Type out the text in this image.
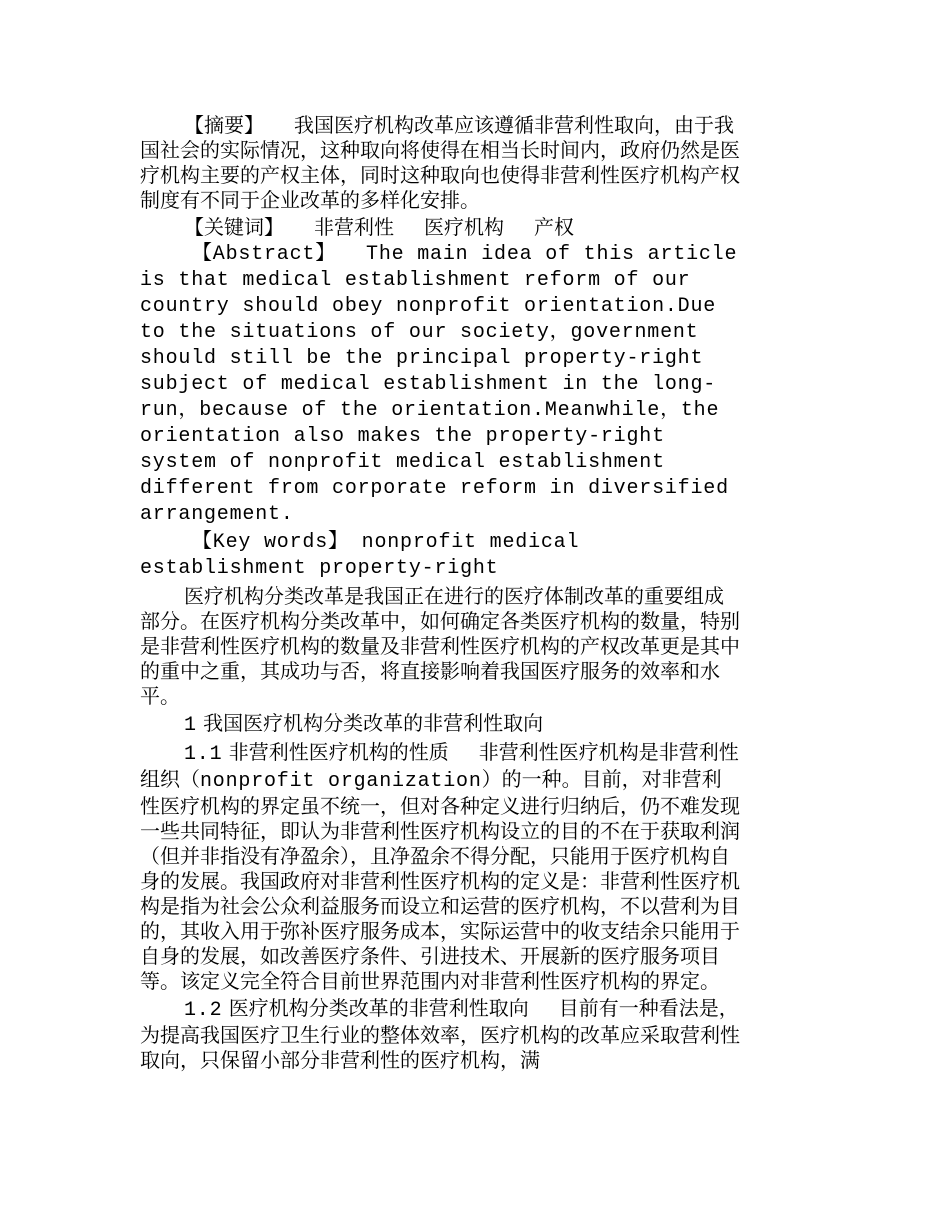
【摘要】 我国医疗机构改革应该遵循非营利性取向，由于我国社会的实际情况，这种取向将使得在相当长时间内，政府仍然是医疗机构主要的产权主体，同时这种取向也使得非营利性医疗机构产权制度有不同于企业改革的多样化安排。

【关键词】 非营利性 医疗机构 产权

【Abstract】 The main idea of this article is that medical establishment reform of our country should obey nonprofit orientation.Due to the situations of our society，government should still be the principal property-right subject of medical establishment in the long-run，because of the orientation.Meanwhile，the orientation also makes the property-right system of nonprofit medical establishment different from corporate reform in diversified arrangement.

【Key words】 nonprofit medical establishment property-right

医疗机构分类改革是我国正在进行的医疗体制改革的重要组成部分。在医疗机构分类改革中，如何确定各类医疗机构的数量，特别是非营利性医疗机构的数量及非营利性医疗机构的产权改革更是其中的重中之重，其成功与否，将直接影响着我国医疗服务的效率和水平。

1 我国医疗机构分类改革的非营利性取向

1.1 非营利性医疗机构的性质 非营利性医疗机构是非营利性组织（nonprofit organization）的一种。目前，对非营利性医疗机构的界定虽不统一，但对各种定义进行归纳后，仍不难发现一些共同特征，即认为非营利性医疗机构设立的目的不在于获取利润（但并非指没有净盈余），且净盈余不得分配，只能用于医疗机构自身的发展。我国政府对非营利性医疗机构的定义是：非营利性医疗机构是指为社会公众利益服务而设立和运营的医疗机构，不以营利为目的，其收入用于弥补医疗服务成本，实际运营中的收支结余只能用于自身的发展，如改善医疗条件、引进技术、开展新的医疗服务项目等。该定义完全符合目前世界范围内对非营利性医疗机构的界定。

1.2 医疗机构分类改革的非营利性取向 目前有一种看法是，为提高我国医疗卫生行业的整体效率，医疗机构的改革应采取营利性取向，只保留小部分非营利性的医疗机构，满
